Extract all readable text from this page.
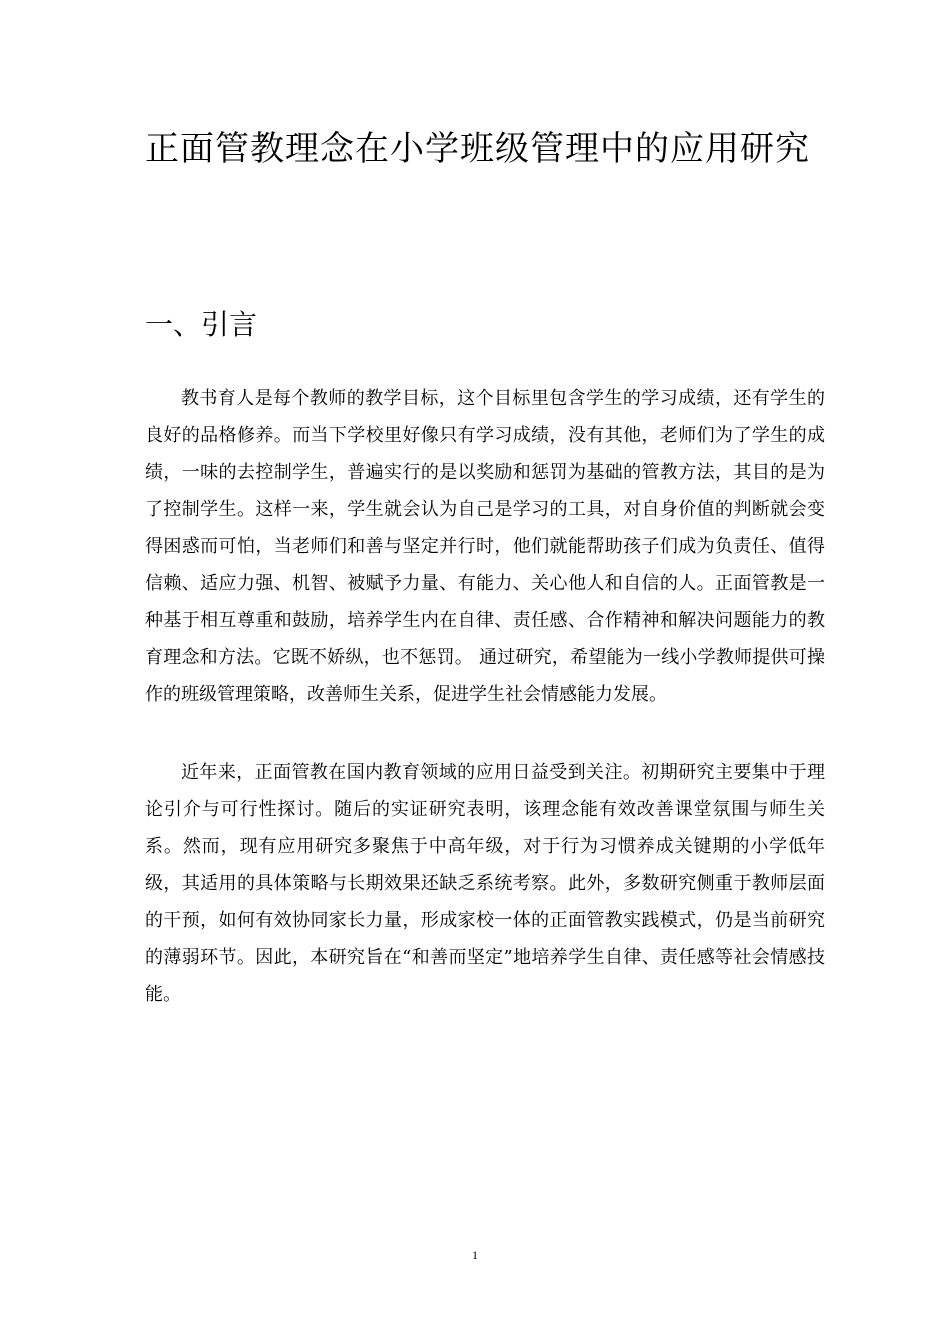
正面管教理念在小学班级管理中的应用研究
一、引言

教书育人是每个教师的教学目标，这个目标里包含学生的学习成绩，还有学生的良好的品格修养。而当下学校里好像只有学习成绩，没有其他，老师们为了学生的成绩，一味的去控制学生，普遍实行的是以奖励和惩罚为基础的管教方法，其目的是为了控制学生。这样一来，学生就会认为自己是学习的工具，对自身价值的判断就会变得困惑而可怕，当老师们和善与坚定并行时，他们就能帮助孩子们成为负责任、值得信赖、适应力强、机智、被赋予力量、有能力、关心他人和自信的人。正面管教是一种基于相互尊重和鼓励，培养学生内在自律、责任感、合作精神和解决问题能力的教育理念和方法。它既不娇纵，也不惩罚。 通过研究，希望能为一线小学教师提供可操作的班级管理策略，改善师生关系，促进学生社会情感能力发展。

近年来，正面管教在国内教育领域的应用日益受到关注。初期研究主要集中于理论引介与可行性探讨。随后的实证研究表明，该理念能有效改善课堂氛围与师生关系。然而，现有应用研究多聚焦于中高年级，对于行为习惯养成关键期的小学低年级，其适用的具体策略与长期效果还缺乏系统考察。此外，多数研究侧重于教师层面的干预，如何有效协同家长力量，形成家校一体的正面管教实践模式，仍是当前研究的薄弱环节。因此，本研究旨在“和善而坚定”地培养学生自律、责任感等社会情感技能。

1
